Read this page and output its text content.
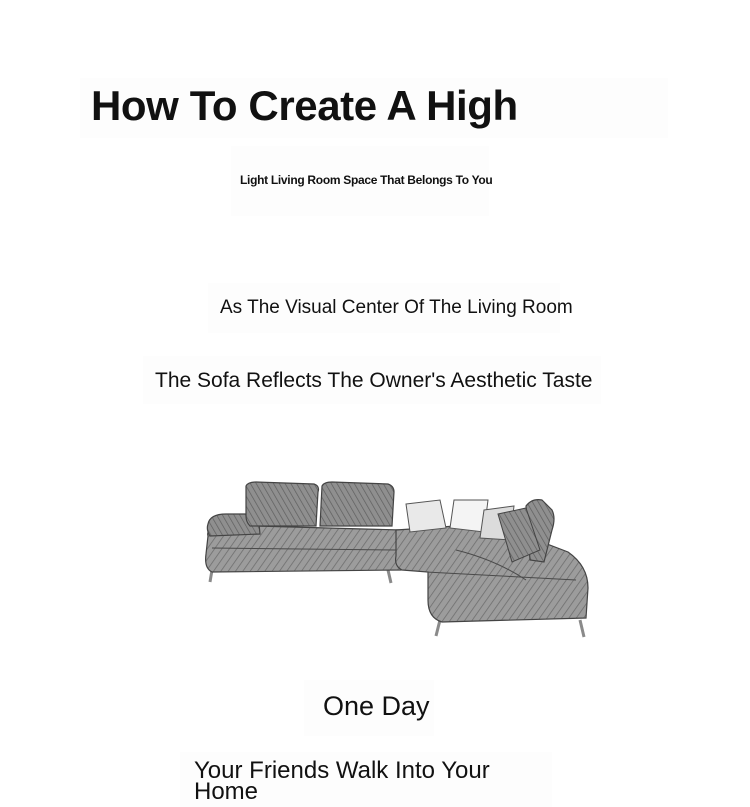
How To Create A High

Light Living Room Space That Belongs To You

As The Visual Center Of The Living Room

The Sofa Reflects The Owner's Aesthetic Taste

One Day

Your Friends Walk Into Your Home
